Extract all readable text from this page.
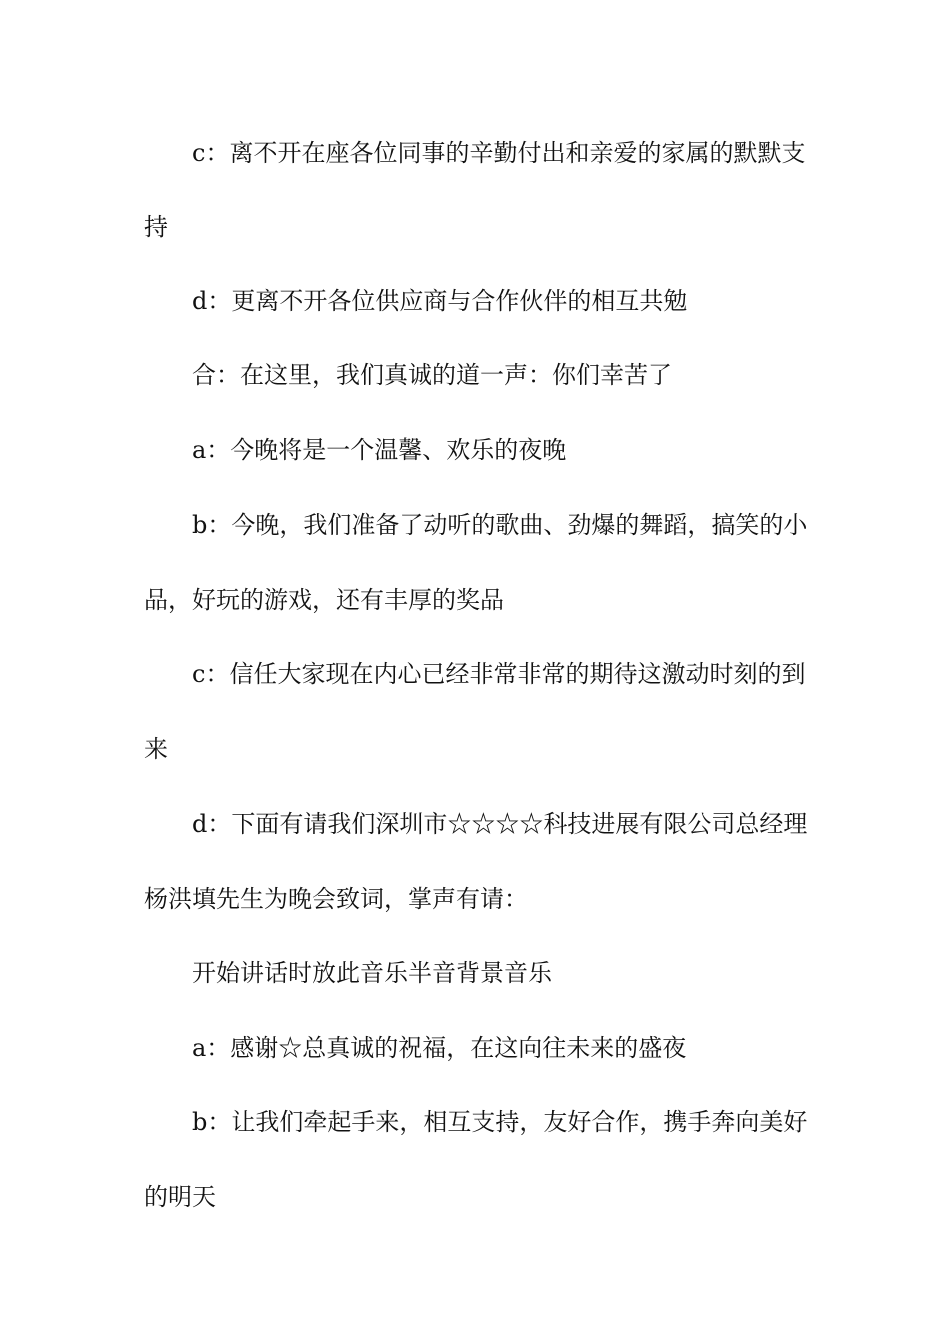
c：离不开在座各位同事的辛勤付出和亲爱的家属的默默支
持
d：更离不开各位供应商与合作伙伴的相互共勉
合：在这里，我们真诚的道一声：你们幸苦了
a：今晚将是一个温馨、欢乐的夜晚
b：今晚，我们准备了动听的歌曲、劲爆的舞蹈，搞笑的小
品，好玩的游戏，还有丰厚的奖品
c：信任大家现在内心已经非常非常的期待这激动时刻的到
来
d：下面有请我们深圳市☆☆☆☆科技进展有限公司总经理
杨洪填先生为晚会致词，掌声有请：
开始讲话时放此音乐半音背景音乐
a：感谢☆总真诚的祝福，在这向往未来的盛夜
b：让我们牵起手来，相互支持，友好合作，携手奔向美好
的明天
